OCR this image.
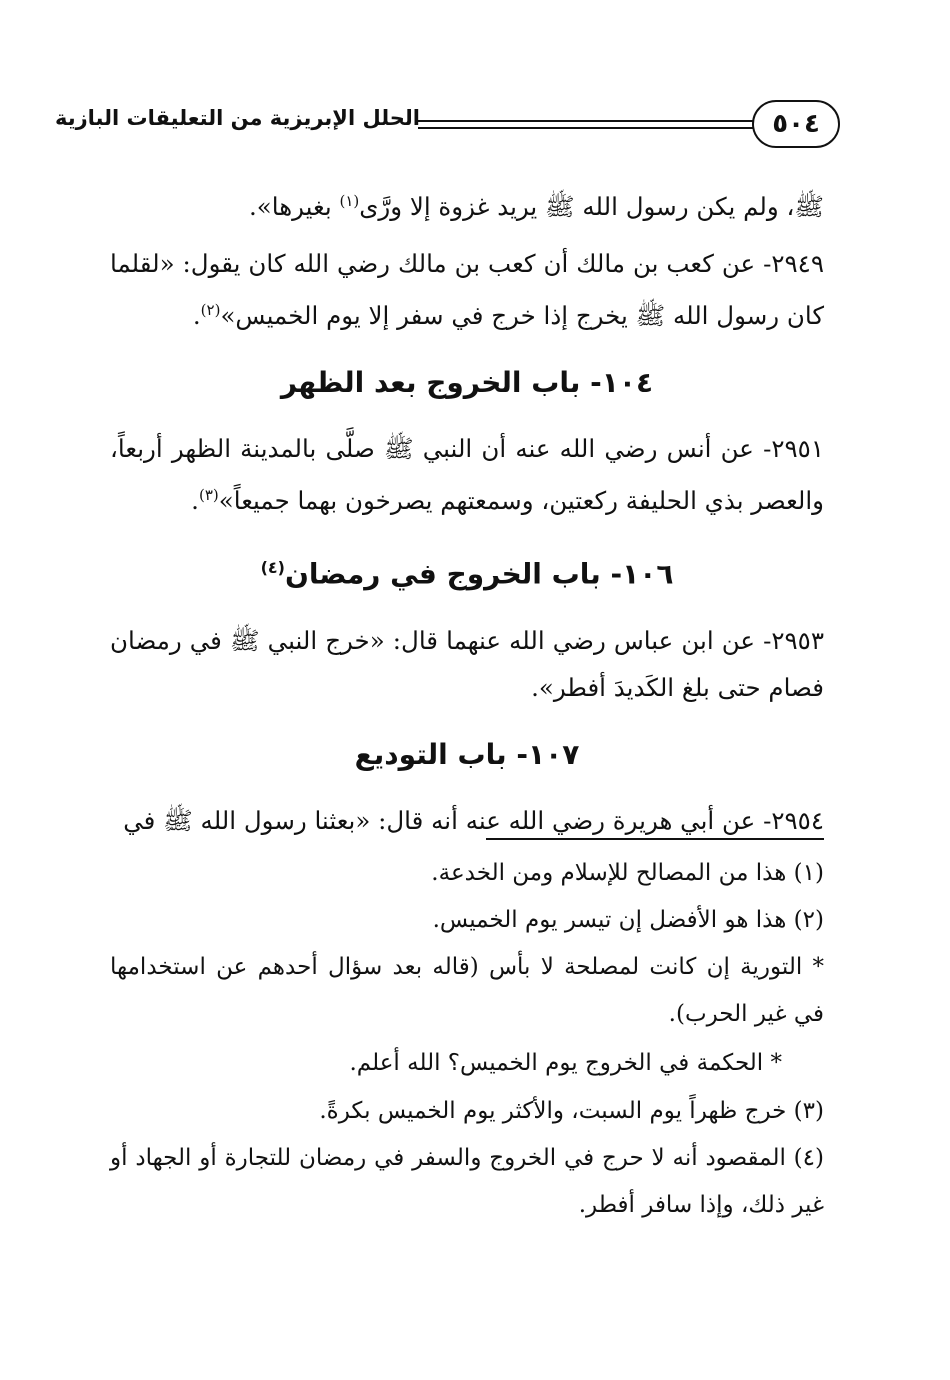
٥٠٤
الحلل الإبريزية من التعليقات البازية

ﷺ، ولم يكن رسول الله ﷺ يريد غزوة إلا ورَّى$^{(١)}$ بغيرها».

٢٩٤٩- عن كعب بن مالك أن كعب بن مالك رضي الله كان يقول: «لقلما كان رسول الله ﷺ يخرج إذا خرج في سفر إلا يوم الخميس»$^{(٢)}$.

١٠٤- باب الخروج بعد الظهر

٢٩٥١- عن أنس رضي الله عنه أن النبي ﷺ صلَّى بالمدينة الظهر أربعاً، والعصر بذي الحليفة ركعتين، وسمعتهم يصرخون بهما جميعاً»$^{(٣)}$.

١٠٦- باب الخروج في رمضان$^{(٤)}$

٢٩٥٣- عن ابن عباس رضي الله عنهما قال: «خرج النبي ﷺ في رمضان فصام حتى بلغ الكَديدَ أفطر».

١٠٧- باب التوديع

٢٩٥٤- عن أبي هريرة رضي الله عنه أنه قال: «بعثنا رسول الله ﷺ في

(١) هذا من المصالح للإسلام ومن الخدعة.

(٢) هذا هو الأفضل إن تيسر يوم الخميس.

* التورية إن كانت لمصلحة لا بأس (قاله بعد سؤال أحدهم عن استخدامها في غير الحرب).

* الحكمة في الخروج يوم الخميس؟ الله أعلم.

(٣) خرج ظهراً يوم السبت، والأكثر يوم الخميس بكرةً.

(٤) المقصود أنه لا حرج في الخروج والسفر في رمضان للتجارة أو الجهاد أو غير ذلك، وإذا سافر أفطر.
